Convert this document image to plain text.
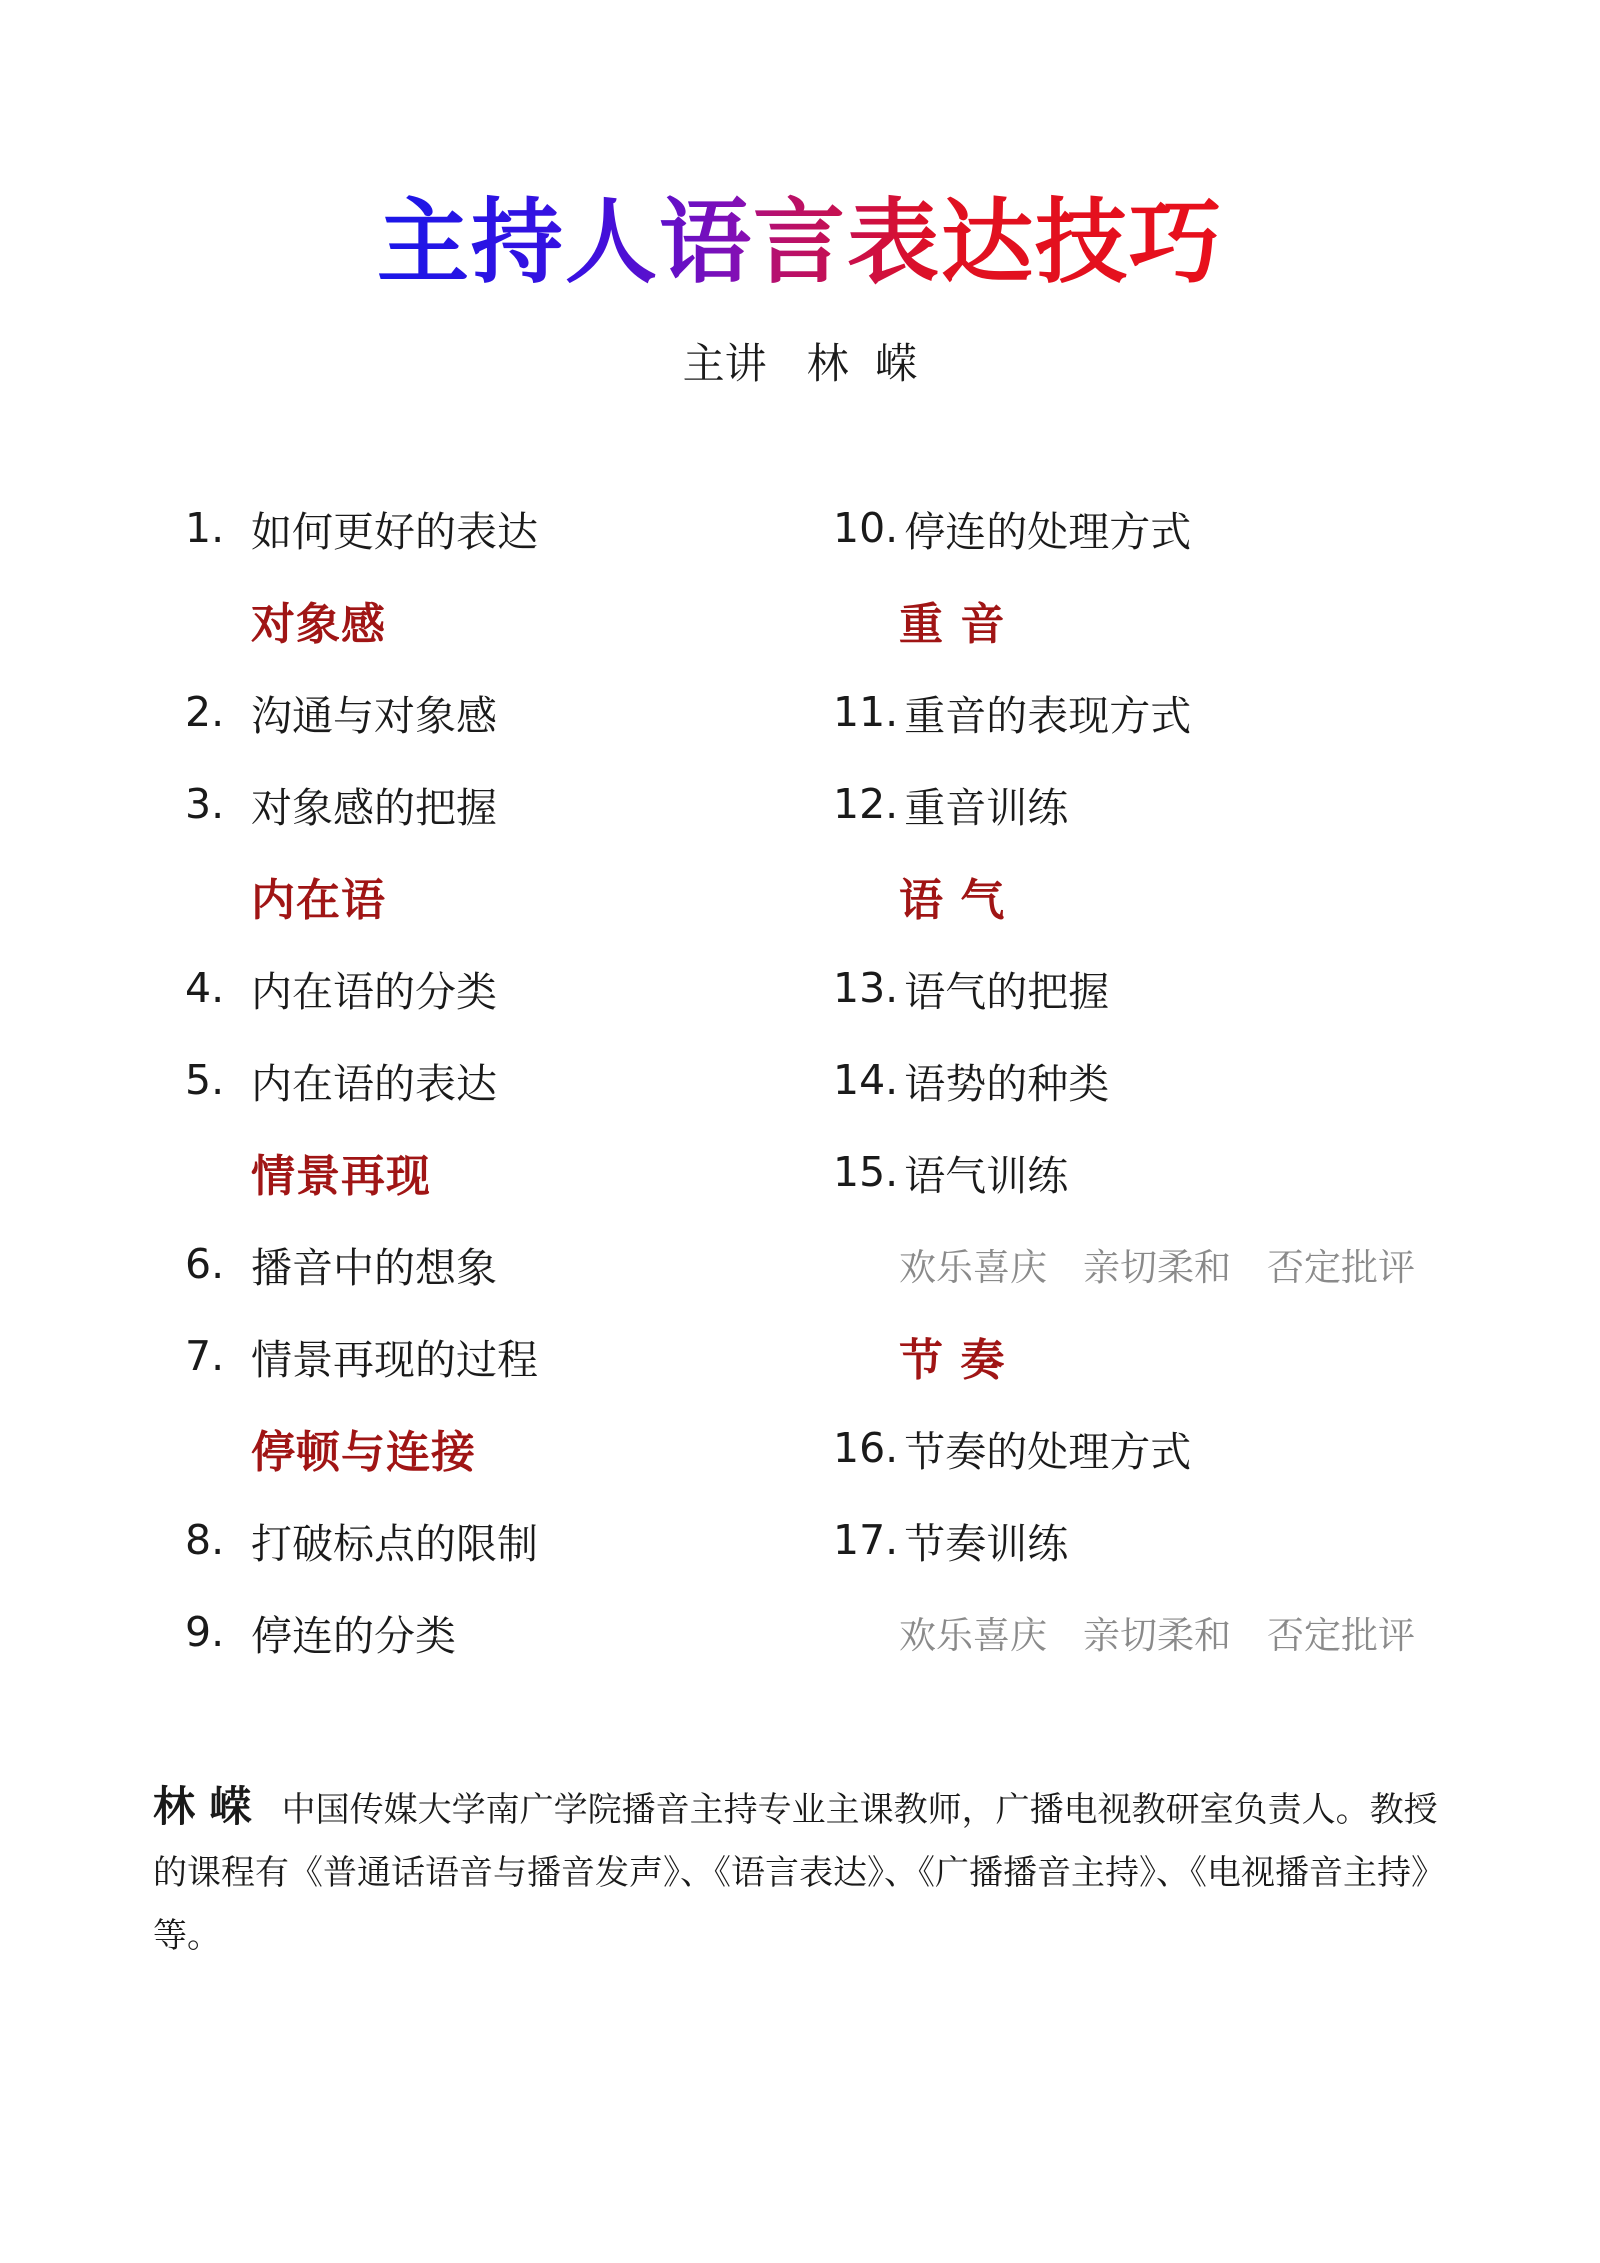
主持人语言表达技巧
主讲   林  嵘
1. 如何更好的表达
对象感
2. 沟通与对象感
3. 对象感的把握
内在语
4. 内在语的分类
5. 内在语的表达
情景再现
6. 播音中的想象
7. 情景再现的过程
停顿与连接
8. 打破标点的限制
9. 停连的分类
10. 停连的处理方式
重 音
11. 重音的表现方式
12. 重音训练
语 气
13. 语气的把握
14. 语势的种类
15. 语气训练
欢乐喜庆 亲切柔和 否定批评
节 奏
16. 节奏的处理方式
17. 节奏训练
欢乐喜庆 亲切柔和 否定批评
林 嵘 中国传媒大学南广学院播音主持专业主课教师，广播电视教研室负责人。教授的课程有《普通话语音与播音发声》、《语言表达》、《广播播音主持》、《电视播音主持》等。
